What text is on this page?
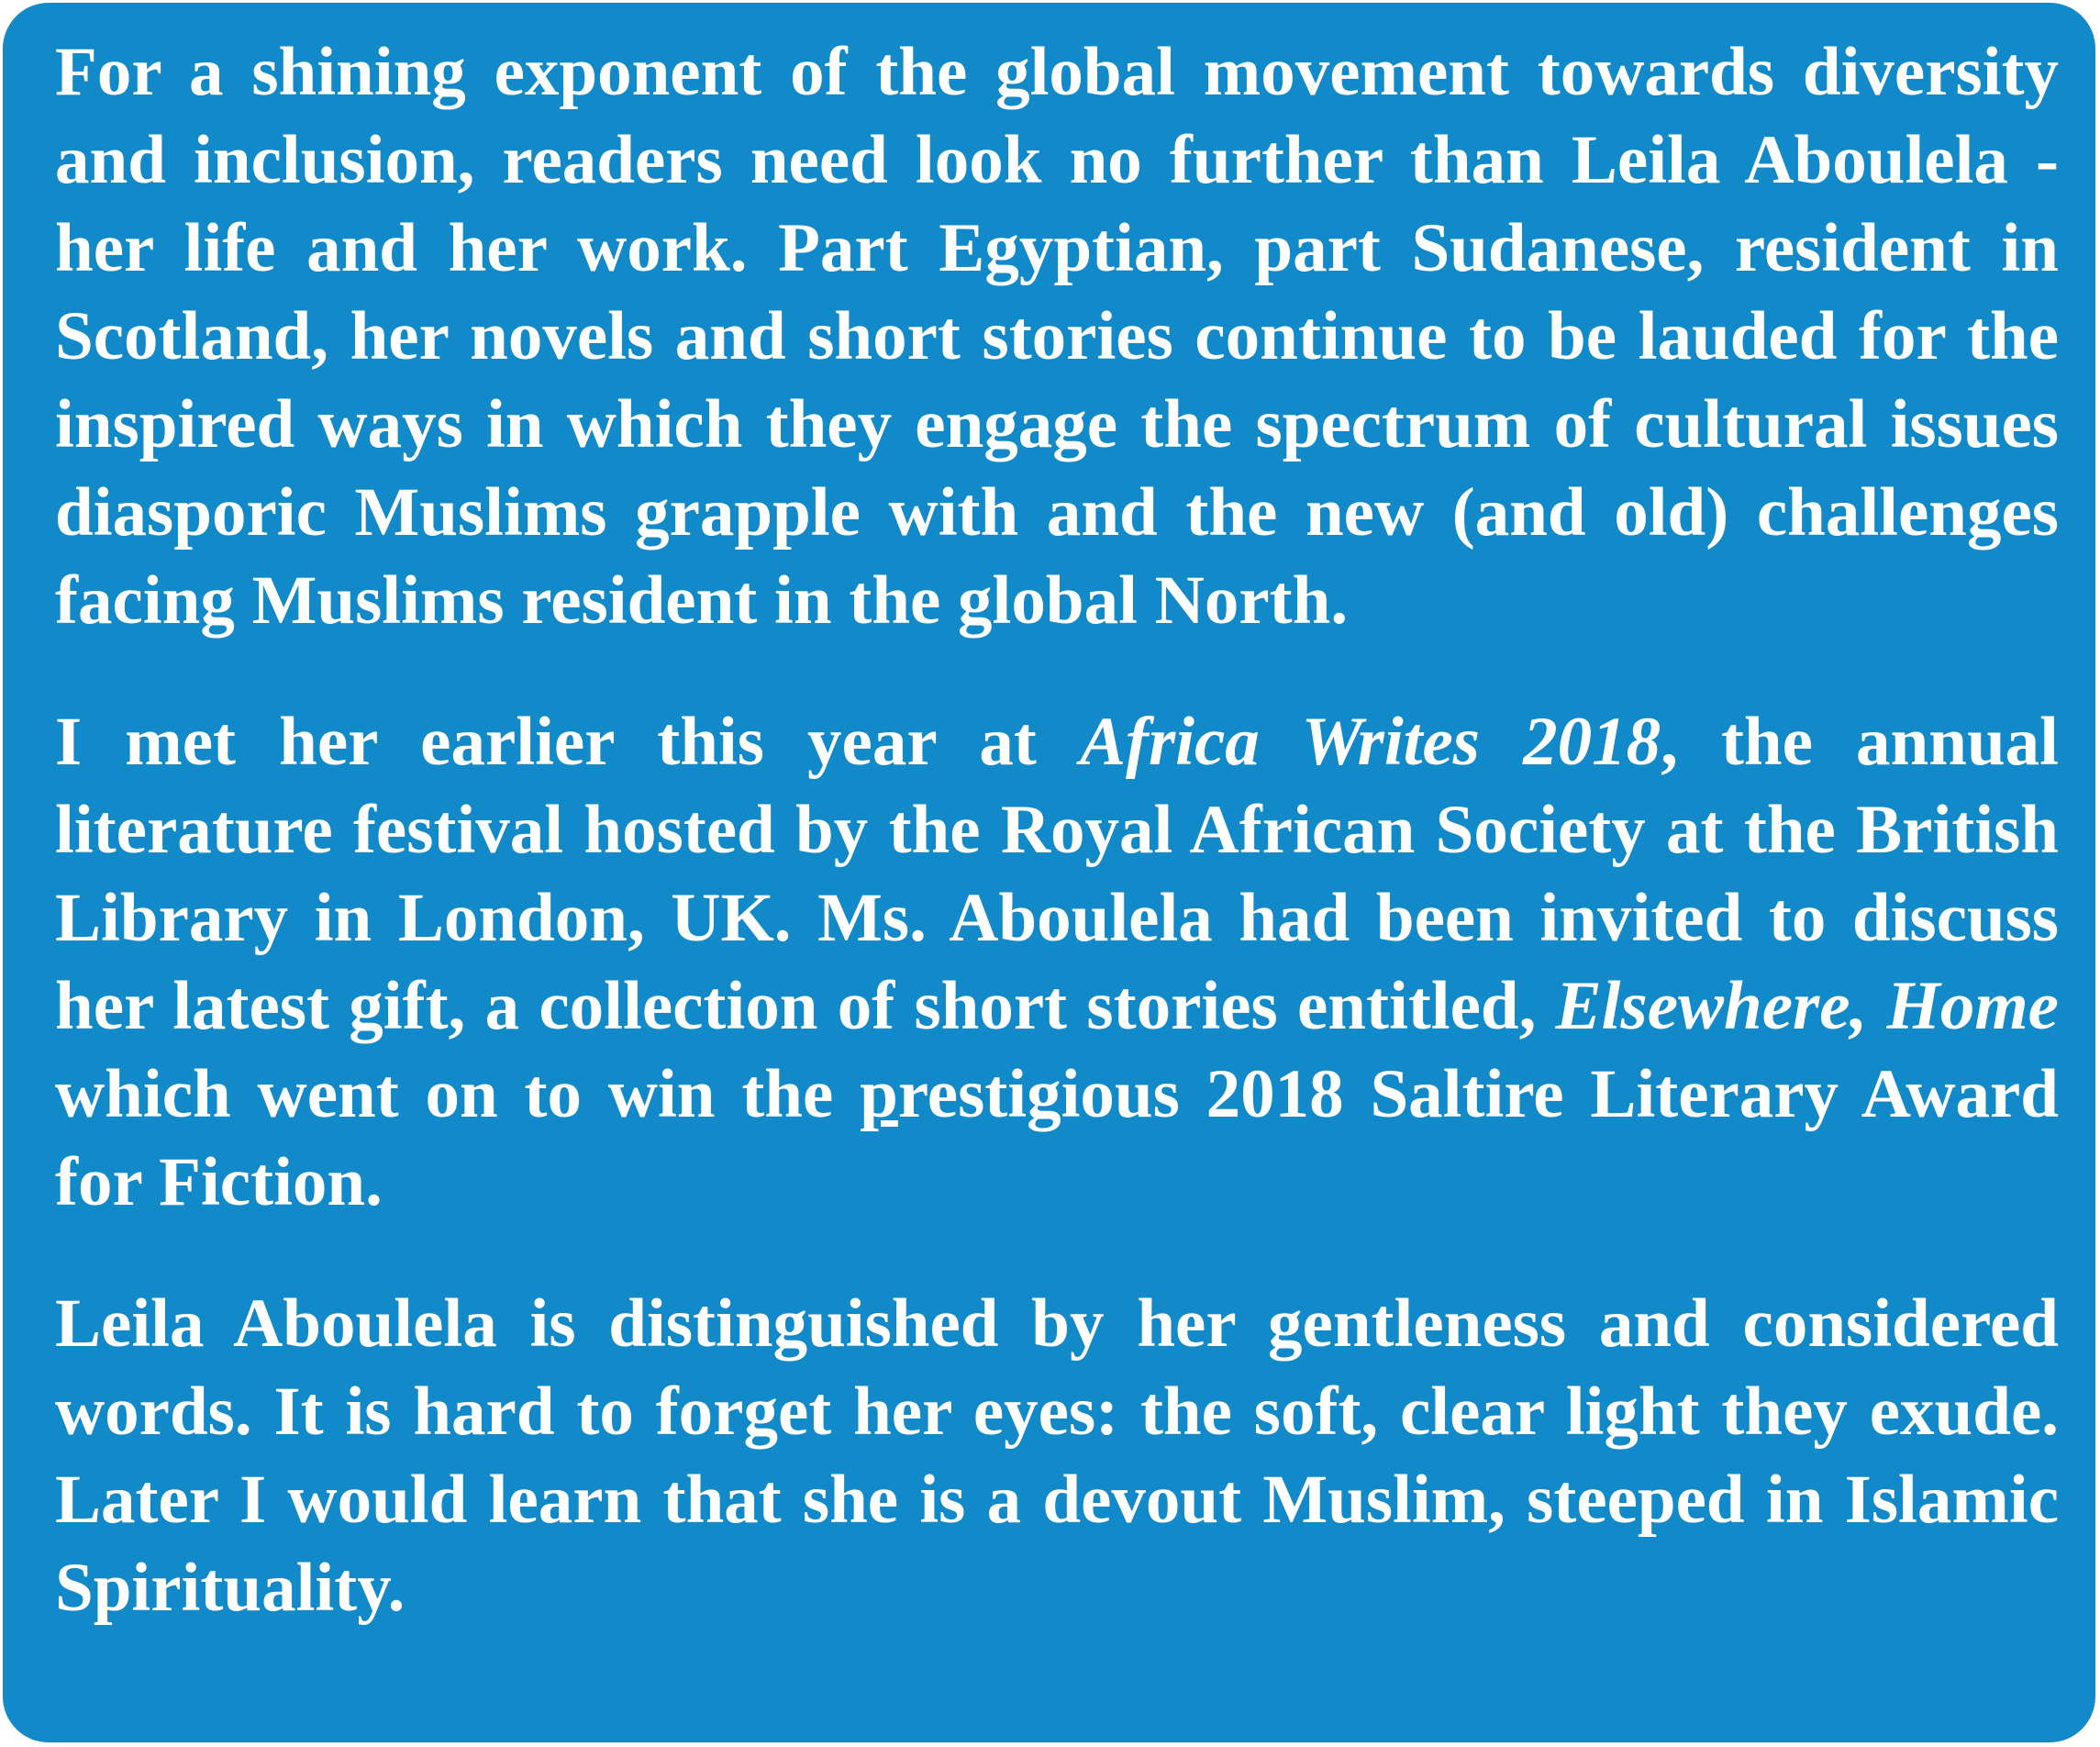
For a shining exponent of the global movement towards diversity and inclusion, readers need look no further than Leila Aboulela - her life and her work. Part Egyptian, part Sudanese, resident in Scotland, her novels and short stories continue to be lauded for the inspired ways in which they engage the spectrum of cultural issues diasporic Muslims grapple with and the new (and old) challenges facing Muslims resident in the global North.

I met her earlier this year at Africa Writes 2018, the annual literature festival hosted by the Royal African Society at the British Library in London, UK. Ms. Aboulela had been invited to discuss her latest gift, a collection of short stories entitled, Elsewhere, Home which went on to win the prestigious 2018 Saltire Literary Award for Fiction.

Leila Aboulela is distinguished by her gentleness and considered words. It is hard to forget her eyes: the soft, clear light they exude. Later I would learn that she is a devout Muslim, steeped in Islamic Spirituality.
